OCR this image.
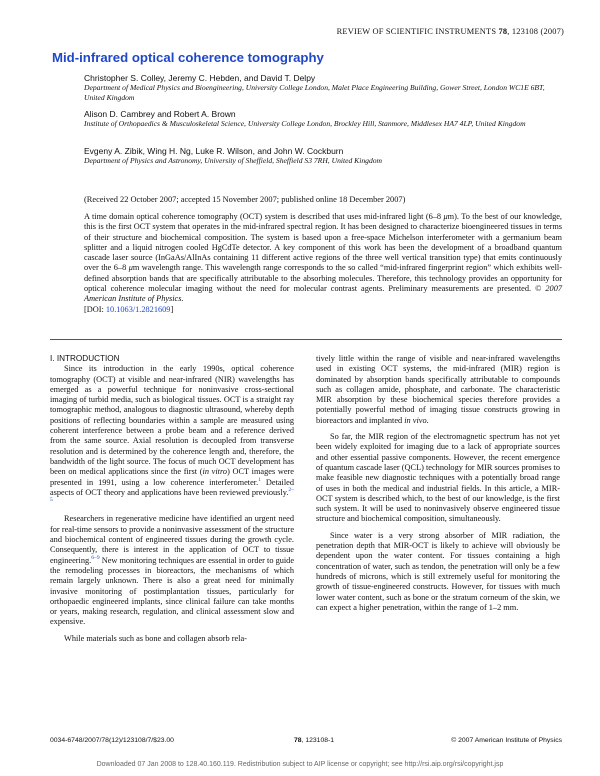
REVIEW OF SCIENTIFIC INSTRUMENTS 78, 123108 (2007)
Mid-infrared optical coherence tomography
Christopher S. Colley, Jeremy C. Hebden, and David T. Delpy
Department of Medical Physics and Bioengineering, University College London, Malet Place Engineering Building, Gower Street, London WC1E 6BT, United Kingdom
Alison D. Cambrey and Robert A. Brown
Institute of Orthopaedics & Musculoskeletal Science, University College London, Brockley Hill, Stanmore, Middlesex HA7 4LP, United Kingdom
Evgeny A. Zibik, Wing H. Ng, Luke R. Wilson, and John W. Cockburn
Department of Physics and Astronomy, University of Sheffield, Sheffield S3 7RH, United Kingdom
(Received 22 October 2007; accepted 15 November 2007; published online 18 December 2007)
A time domain optical coherence tomography (OCT) system is described that uses mid-infrared light (6–8 μm). To the best of our knowledge, this is the first OCT system that operates in the mid-infrared spectral region. It has been designed to characterize bioengineered tissues in terms of their structure and biochemical composition. The system is based upon a free-space Michelson interferometer with a germanium beam splitter and a liquid nitrogen cooled HgCdTe detector. A key component of this work has been the development of a broadband quantum cascade laser source (InGaAs/AlInAs containing 11 different active regions of the three well vertical transition type) that emits continuously over the 6–8 μm wavelength range. This wavelength range corresponds to the so called “mid-infrared fingerprint region” which exhibits well-defined absorption bands that are specifically attributable to the absorbing molecules. Therefore, this technology provides an opportunity for optical coherence molecular imaging without the need for molecular contrast agents. Preliminary measurements are presented. © 2007 American Institute of Physics.
[DOI: 10.1063/1.2821609]

I. INTRODUCTION

Since its introduction in the early 1990s, optical coherence tomography (OCT) at visible and near-infrared (NIR) wavelengths has emerged as a powerful technique for noninvasive cross-sectional imaging of turbid media, such as biological tissues. OCT is a straight ray tomographic method, analogous to diagnostic ultrasound, whereby depth positions of reflecting boundaries within a sample are measured using coherent interference between a probe beam and a reference derived from the same source. Axial resolution is decoupled from transverse resolution and is determined by the coherence length and, therefore, the bandwidth of the light source. The focus of much OCT development has been on medical applications since the first (in vitro) OCT images were presented in 1991, using a low coherence interferometer.$^1$ Detailed aspects of OCT theory and applications have been reviewed previously.$^{2-5}$

Researchers in regenerative medicine have identified an urgent need for real-time sensors to provide a noninvasive assessment of the structure and biochemical content of engineered tissues during the growth cycle. Consequently, there is interest in the application of OCT to tissue engineering.$^{6-9}$ New monitoring techniques are essential in order to guide the remodeling processes in bioreactors, the mechanisms of which remain largely unknown. There is also a great need for minimally invasive monitoring of postimplantation tissues, particularly for orthopaedic engineered implants, since clinical failure can take months or years, making research, regulation, and clinical assessment slow and expensive.

While materials such as bone and collagen absorb rela-

tively little within the range of visible and near-infrared wavelengths used in existing OCT systems, the mid-infrared (MIR) region is dominated by absorption bands specifically attributable to compounds such as collagen amide, phosphate, and carbonate. The characteristic MIR absorption by these biochemical species therefore provides a potentially powerful method of imaging tissue constructs growing in bioreactors and implanted in vivo.

So far, the MIR region of the electromagnetic spectrum has not yet been widely exploited for imaging due to a lack of appropriate sources and other essential passive components. However, the recent emergence of quantum cascade laser (QCL) technology for MIR sources promises to make feasible new diagnostic techniques with a potentially broad range of uses in both the medical and industrial fields. In this article, a MIR-OCT system is described which, to the best of our knowledge, is the first such system. It will be used to noninvasively observe engineered tissue structure and biochemical composition, simultaneously.

Since water is a very strong absorber of MIR radiation, the penetration depth that MIR-OCT is likely to achieve will obviously be dependent upon the water content. For tissues containing a high concentration of water, such as tendon, the penetration will only be a few hundreds of microns, which is still extremely useful for monitoring the growth of tissue-engineered constructs. However, for tissues with much lower water content, such as bone or the stratum corneum of the skin, we can expect a higher penetration, within the range of 1–2 mm.

0034-6748/2007/78(12)/123108/7/$23.00	78, 123108-1	© 2007 American Institute of Physics
Downloaded 07 Jan 2008 to 128.40.160.119. Redistribution subject to AIP license or copyright; see http://rsi.aip.org/rsi/copyright.jsp
